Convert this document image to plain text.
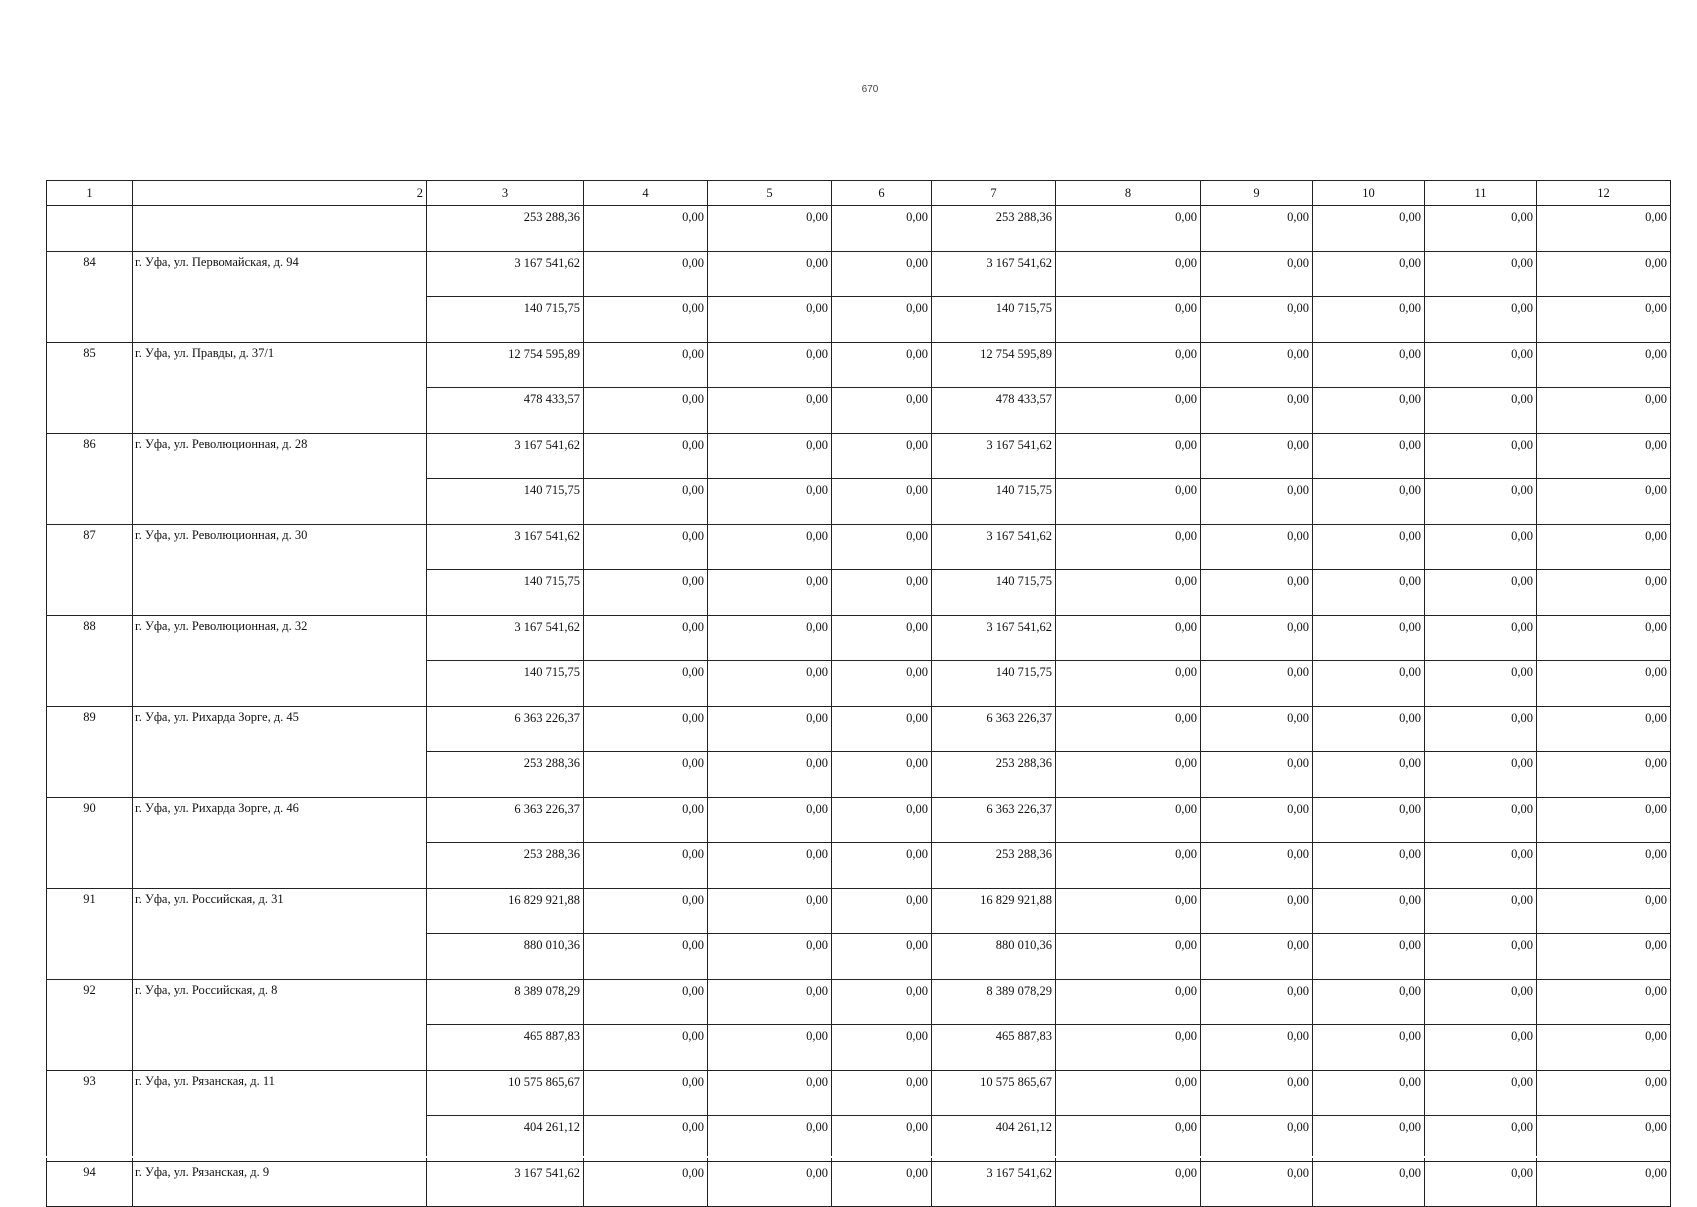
670
1	2	3	4	5	6	7	8	9	10	11	12
		253 288,36	0,00	0,00	0,00	253 288,36	0,00	0,00	0,00	0,00	0,00
84	г. Уфа, ул. Первомайская, д. 94	3 167 541,62	0,00	0,00	0,00	3 167 541,62	0,00	0,00	0,00	0,00	0,00
		140 715,75	0,00	0,00	0,00	140 715,75	0,00	0,00	0,00	0,00	0,00
85	г. Уфа, ул. Правды, д. 37/1	12 754 595,89	0,00	0,00	0,00	12 754 595,89	0,00	0,00	0,00	0,00	0,00
		478 433,57	0,00	0,00	0,00	478 433,57	0,00	0,00	0,00	0,00	0,00
86	г. Уфа, ул. Революционная, д. 28	3 167 541,62	0,00	0,00	0,00	3 167 541,62	0,00	0,00	0,00	0,00	0,00
		140 715,75	0,00	0,00	0,00	140 715,75	0,00	0,00	0,00	0,00	0,00
87	г. Уфа, ул. Революционная, д. 30	3 167 541,62	0,00	0,00	0,00	3 167 541,62	0,00	0,00	0,00	0,00	0,00
		140 715,75	0,00	0,00	0,00	140 715,75	0,00	0,00	0,00	0,00	0,00
88	г. Уфа, ул. Революционная, д. 32	3 167 541,62	0,00	0,00	0,00	3 167 541,62	0,00	0,00	0,00	0,00	0,00
		140 715,75	0,00	0,00	0,00	140 715,75	0,00	0,00	0,00	0,00	0,00
89	г. Уфа, ул. Рихарда Зорге, д. 45	6 363 226,37	0,00	0,00	0,00	6 363 226,37	0,00	0,00	0,00	0,00	0,00
		253 288,36	0,00	0,00	0,00	253 288,36	0,00	0,00	0,00	0,00	0,00
90	г. Уфа, ул. Рихарда Зорге, д. 46	6 363 226,37	0,00	0,00	0,00	6 363 226,37	0,00	0,00	0,00	0,00	0,00
		253 288,36	0,00	0,00	0,00	253 288,36	0,00	0,00	0,00	0,00	0,00
91	г. Уфа, ул. Российская, д. 31	16 829 921,88	0,00	0,00	0,00	16 829 921,88	0,00	0,00	0,00	0,00	0,00
		880 010,36	0,00	0,00	0,00	880 010,36	0,00	0,00	0,00	0,00	0,00
92	г. Уфа, ул. Российская, д. 8	8 389 078,29	0,00	0,00	0,00	8 389 078,29	0,00	0,00	0,00	0,00	0,00
		465 887,83	0,00	0,00	0,00	465 887,83	0,00	0,00	0,00	0,00	0,00
93	г. Уфа, ул. Рязанская, д. 11	10 575 865,67	0,00	0,00	0,00	10 575 865,67	0,00	0,00	0,00	0,00	0,00
		404 261,12	0,00	0,00	0,00	404 261,12	0,00	0,00	0,00	0,00	0,00
94	г. Уфа, ул. Рязанская, д. 9	3 167 541,62	0,00	0,00	0,00	3 167 541,62	0,00	0,00	0,00	0,00	0,00
